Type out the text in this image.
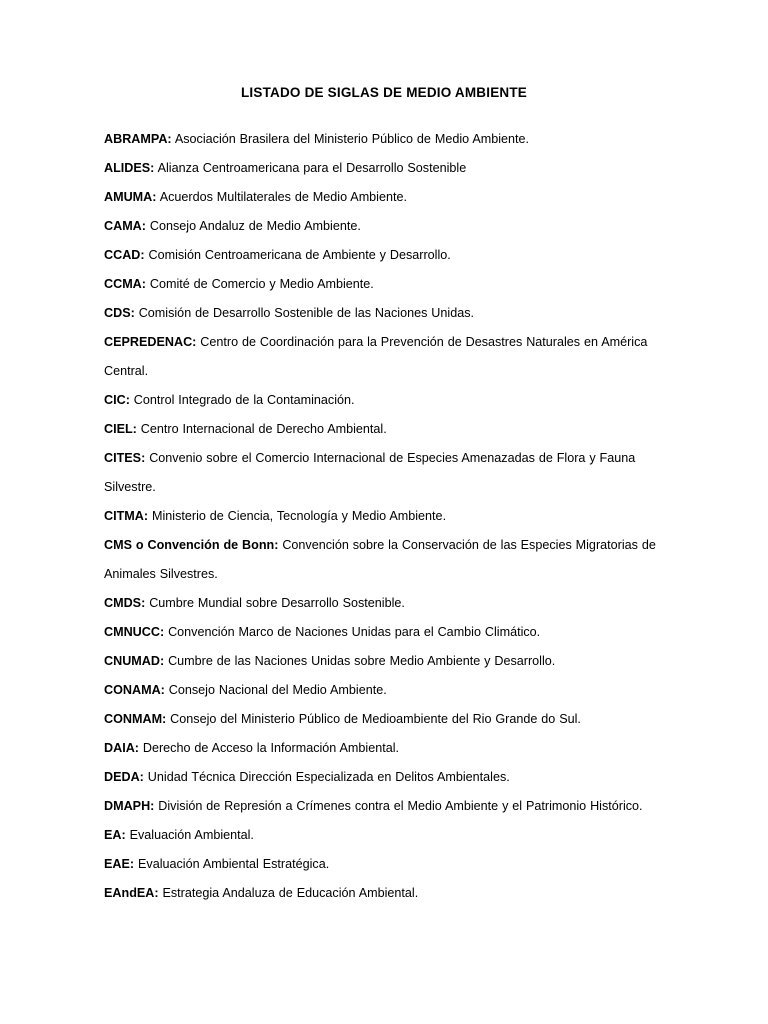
LISTADO DE SIGLAS DE MEDIO AMBIENTE
ABRAMPA: Asociación Brasilera del Ministerio Público de Medio Ambiente.
ALIDES: Alianza Centroamericana para el Desarrollo Sostenible
AMUMA: Acuerdos Multilaterales de Medio Ambiente.
CAMA: Consejo Andaluz de Medio Ambiente.
CCAD: Comisión Centroamericana de Ambiente y Desarrollo.
CCMA: Comité de Comercio y Medio Ambiente.
CDS: Comisión de Desarrollo Sostenible de las Naciones Unidas.
CEPREDENAC: Centro de Coordinación para la Prevención de Desastres Naturales en América Central.
CIC: Control Integrado de la Contaminación.
CIEL: Centro Internacional de Derecho Ambiental.
CITES: Convenio sobre el Comercio Internacional de Especies Amenazadas de Flora y Fauna Silvestre.
CITMA: Ministerio de Ciencia, Tecnología y Medio Ambiente.
CMS o Convención de Bonn: Convención sobre la Conservación de las Especies Migratorias de Animales Silvestres.
CMDS: Cumbre Mundial sobre Desarrollo Sostenible.
CMNUCC: Convención Marco de Naciones Unidas para el Cambio Climático.
CNUMAD: Cumbre de las Naciones Unidas sobre Medio Ambiente y Desarrollo.
CONAMA: Consejo Nacional del Medio Ambiente.
CONMAM: Consejo del Ministerio Público de Medioambiente del Rio Grande do Sul.
DAIA: Derecho de Acceso la Información Ambiental.
DEDA: Unidad Técnica Dirección Especializada en Delitos Ambientales.
DMAPH: División de Represión a Crímenes contra el Medio Ambiente y el Patrimonio Histórico.
EA: Evaluación Ambiental.
EAE: Evaluación Ambiental Estratégica.
EAndEA: Estrategia Andaluza de Educación Ambiental.
